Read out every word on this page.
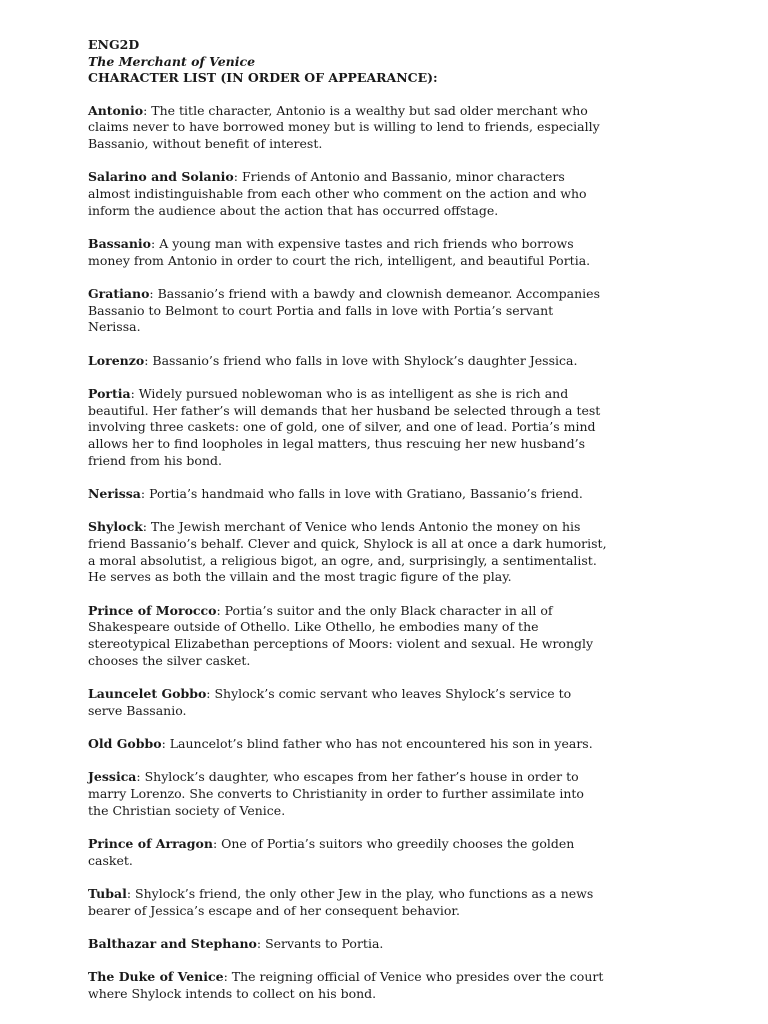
ENG2D

The Merchant of Venice

CHARACTER LIST (IN ORDER OF APPEARANCE):

Antonio: The title character, Antonio is a wealthy but sad older merchant who claims never to have borrowed money but is willing to lend to friends, especially Bassanio, without benefit of interest.

Salarino and Solanio: Friends of Antonio and Bassanio, minor characters almost indistinguishable from each other who comment on the action and who inform the audience about the action that has occurred offstage.

Bassanio: A young man with expensive tastes and rich friends who borrows money from Antonio in order to court the rich, intelligent, and beautiful Portia.

Gratiano: Bassanio’s friend with a bawdy and clownish demeanor. Accompanies Bassanio to Belmont to court Portia and falls in love with Portia’s servant Nerissa.

Lorenzo: Bassanio’s friend who falls in love with Shylock’s daughter Jessica.

Portia: Widely pursued noblewoman who is as intelligent as she is rich and beautiful. Her father’s will demands that her husband be selected through a test involving three caskets: one of gold, one of silver, and one of lead. Portia’s mind allows her to find loopholes in legal matters, thus rescuing her new husband’s friend from his bond.

Nerissa: Portia’s handmaid who falls in love with Gratiano, Bassanio’s friend.

Shylock: The Jewish merchant of Venice who lends Antonio the money on his friend Bassanio’s behalf. Clever and quick, Shylock is all at once a dark humorist, a moral absolutist, a religious bigot, an ogre, and, surprisingly, a sentimentalist. He serves as both the villain and the most tragic figure of the play.

Prince of Morocco: Portia’s suitor and the only Black character in all of Shakespeare outside of Othello. Like Othello, he embodies many of the stereotypical Elizabethan perceptions of Moors: violent and sexual. He wrongly chooses the silver casket.

Launcelet Gobbo: Shylock’s comic servant who leaves Shylock’s service to serve Bassanio.

Old Gobbo: Launcelot’s blind father who has not encountered his son in years.

Jessica: Shylock’s daughter, who escapes from her father’s house in order to marry Lorenzo. She converts to Christianity in order to further assimilate into the Christian society of Venice.

Prince of Arragon: One of Portia’s suitors who greedily chooses the golden casket.

Tubal: Shylock’s friend, the only other Jew in the play, who functions as a news bearer of Jessica’s escape and of her consequent behavior.

Balthazar and Stephano: Servants to Portia.

The Duke of Venice: The reigning official of Venice who presides over the court where Shylock intends to collect on his bond.
